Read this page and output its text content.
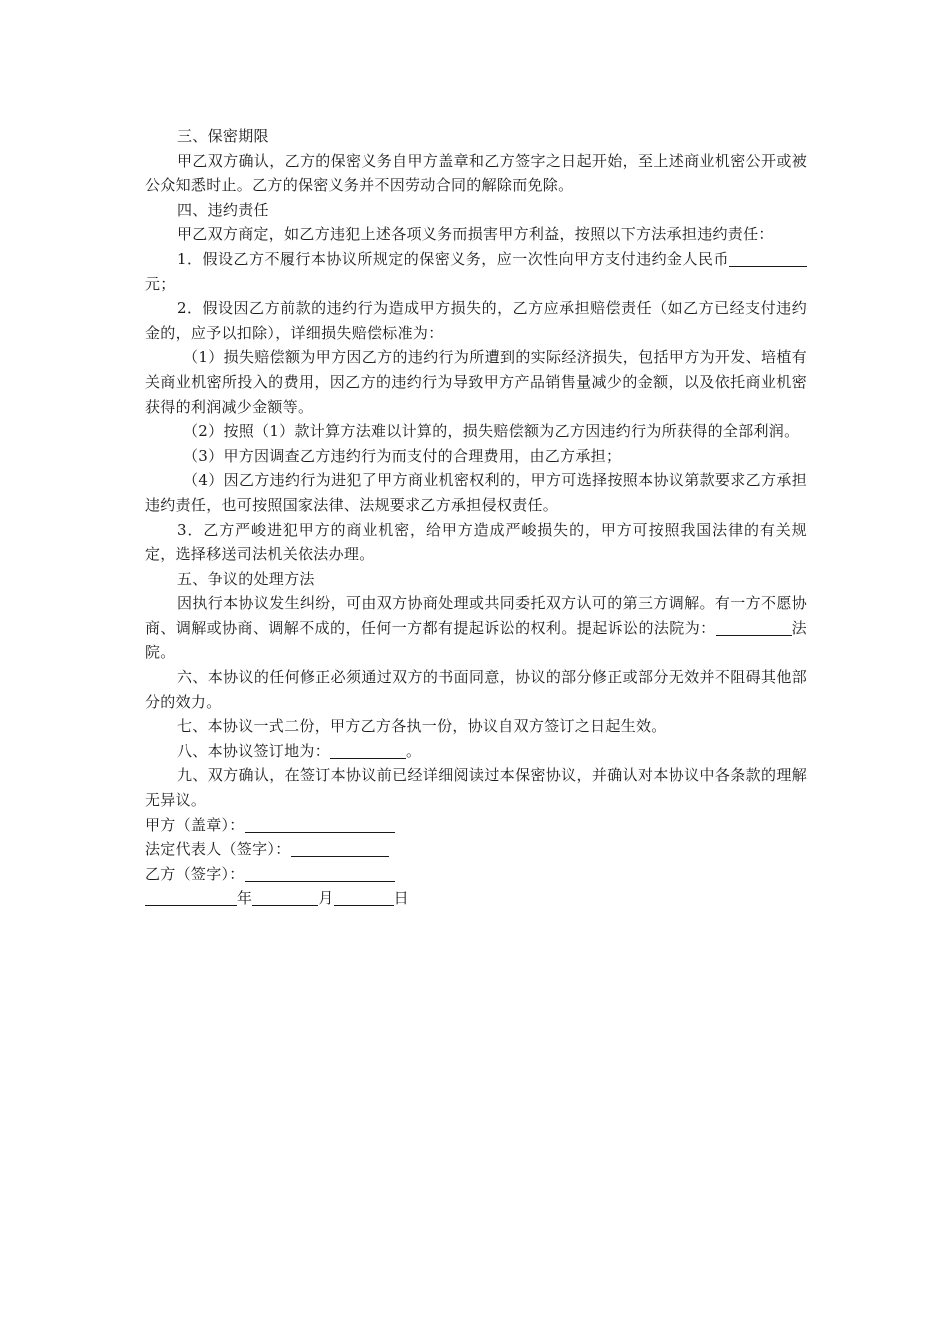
三、保密期限

甲乙双方确认，乙方的保密义务自甲方盖章和乙方签字之日起开始，至上述商业机密公开或被公众知悉时止。乙方的保密义务并不因劳动合同的解除而免除。

四、违约责任

甲乙双方商定，如乙方违犯上述各项义务而损害甲方利益，按照以下方法承担违约责任：

1．假设乙方不履行本协议所规定的保密义务，应一次性向甲方支付违约金人民币元；

2．假设因乙方前款的违约行为造成甲方损失的，乙方应承担赔偿责任（如乙方已经支付违约金的，应予以扣除），详细损失赔偿标准为：

（1）损失赔偿额为甲方因乙方的违约行为所遭到的实际经济损失，包括甲方为开发、培植有关商业机密所投入的费用，因乙方的违约行为导致甲方产品销售量减少的金额，以及依托商业机密获得的利润减少金额等。

（2）按照（1）款计算方法难以计算的，损失赔偿额为乙方因违约行为所获得的全部利润。

（3）甲方因调查乙方违约行为而支付的合理费用，由乙方承担；

（4）因乙方违约行为进犯了甲方商业机密权利的，甲方可选择按照本协议第款要求乙方承担违约责任，也可按照国家法律、法规要求乙方承担侵权责任。

3．乙方严峻进犯甲方的商业机密，给甲方造成严峻损失的，甲方可按照我国法律的有关规定，选择移送司法机关依法办理。

五、争议的处理方法

因执行本协议发生纠纷，可由双方协商处理或共同委托双方认可的第三方调解。有一方不愿协商、调解或协商、调解不成的，任何一方都有提起诉讼的权利。提起诉讼的法院为：	法院。

六、本协议的任何修正必须通过双方的书面同意，协议的部分修正或部分无效并不阻碍其他部分的效力。

七、本协议一式二份，甲方乙方各执一份，协议自双方签订之日起生效。

八、本协议签订地为：	。

九、双方确认，在签订本协议前已经详细阅读过本保密协议，并确认对本协议中各条款的理解无异议。

甲方（盖章）：

法定代表人（签字）：

乙方（签字）：

年	月	日
